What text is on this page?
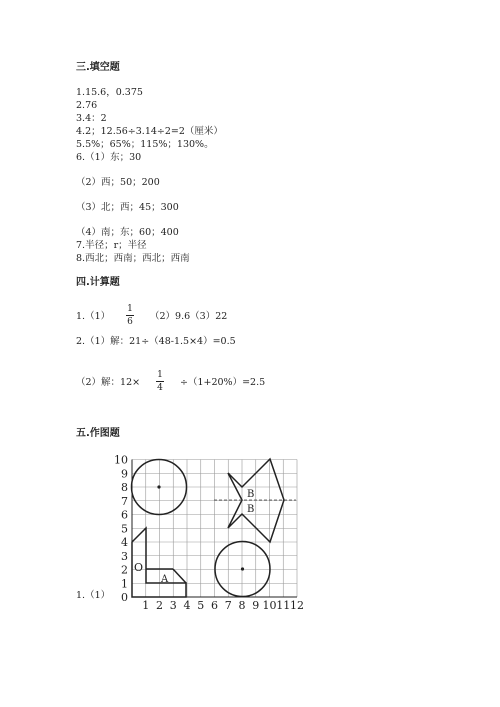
三.填空题
1.15.6，0.375
2.76
3.4：2
4.2；12.56÷3.14÷2=2（厘米）
5.5%；65%；115%；130%。
6.（1）东；30
（2）西；50；200
（3）北；西；45；300
（4）南；东；60；400
7.半径；r；半径
8.西北；西南；西北；西南
四.计算题
1.（1）
1
6 （2）9.6（3）22
2.（1）解：21÷（48-1.5×4）=0.5
（2）解：12×
1
4 ÷（1+20%）=2.5
五.作图题
1.（1）
1 2 3 4 5 6 7 8 9 10 11 12
0
1
2
3
4
5
6
7
8
9
10
O
A
B
B
